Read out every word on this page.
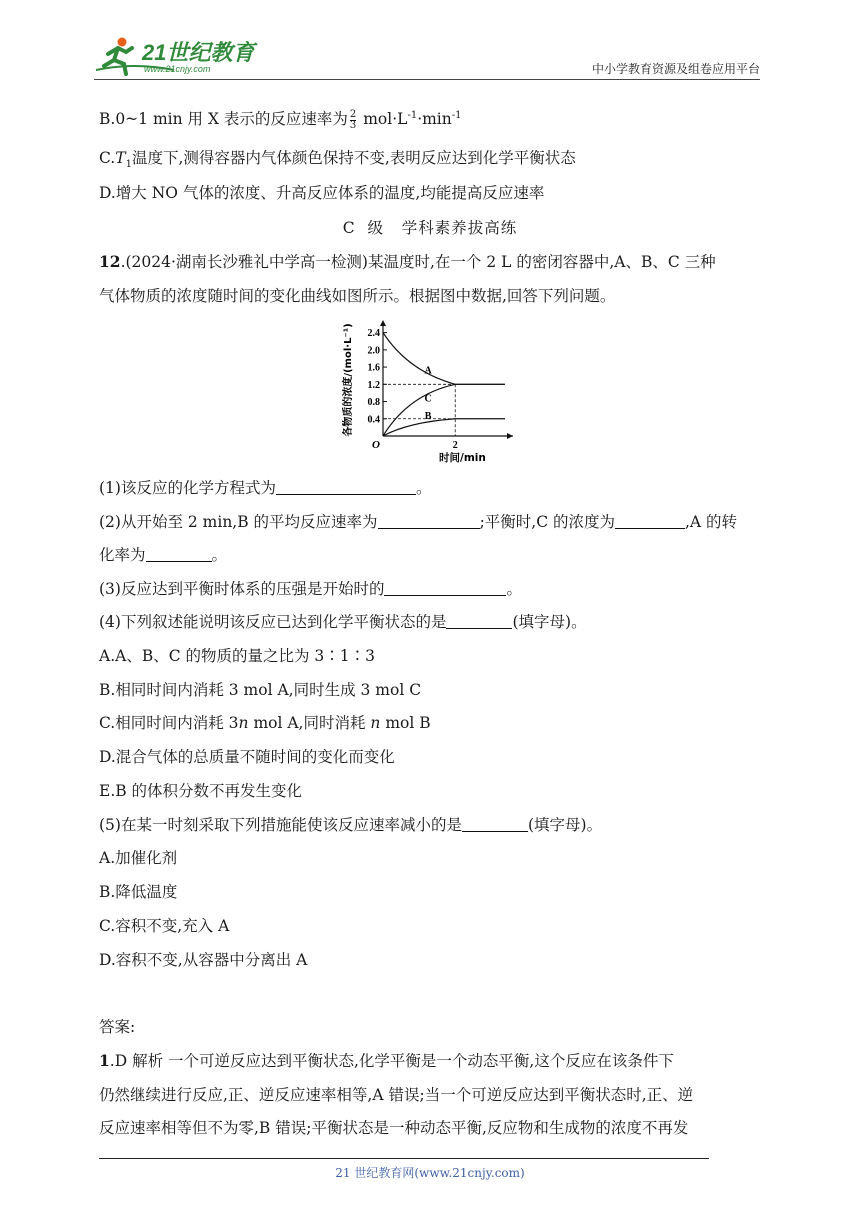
21世纪教育
www.21cnjy.com	中小学教育资源及组卷应用平台
B.0~1 min 用 X 表示的反应速率为 $\frac{2}{3} mol\cdot L^{-1}\cdot\min^{-1}$
$C.T_1$温度下,测得容器内气体颜色保持不变,表明反应达到化学平衡状态
D.增大 NO 气体的浓度、升高反应体系的温度,均能提高反应速率
C  级   学科素养拔高练
12.(2024·湖南长沙雅礼中学高一检测)某温度时,在一个 2 L 的密闭容器中,A、B、C 三种
气体物质的浓度随时间的变化曲线如图所示。根据图中数据,回答下列问题。
0.4
0.8
1.2
1.6
2.0
2.4
2
O
A
C
B
各物质的浓度/(mol·L⁻¹)
时间/min
(1)该反应的化学方程式为	。
(2)从开始至 2 min,B 的平均反应速率为	;平衡时,C 的浓度为	,A 的转
化率为	。
(3)反应达到平衡时体系的压强是开始时的	。
(4)下列叙述能说明该反应已达到化学平衡状态的是	(填字母)。
A.A、B、C 的物质的量之比为 3∶1∶3
B.相同时间内消耗 3 mol A,同时生成 3 mol C
C.相同时间内消耗 3n mol A,同时消耗 n mol B
D.混合气体的总质量不随时间的变化而变化
E.B 的体积分数不再发生变化
(5)在某一时刻采取下列措施能使该反应速率减小的是	(填字母)。
A.加催化剂
B.降低温度
C.容积不变,充入 A
D.容积不变,从容器中分离出 A
答案:
1.D 解析 一个可逆反应达到平衡状态,化学平衡是一个动态平衡,这个反应在该条件下
仍然继续进行反应,正、逆反应速率相等,A 错误;当一个可逆反应达到平衡状态时,正、逆
反应速率相等但不为零,B 错误;平衡状态是一种动态平衡,反应物和生成物的浓度不再发
21 世纪教育网(www.21cnjy.com)
